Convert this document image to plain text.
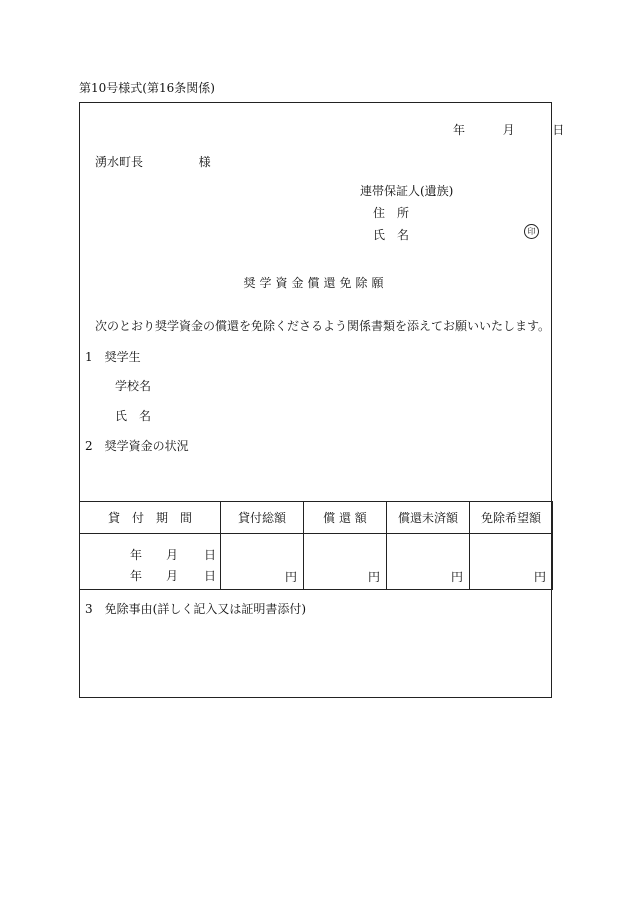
第10号様式(第16条関係)
年	月	日
湧水町長	様
連帯保証人(遺族)
住　所
氏　名	印
奨学資金償還免除願
次のとおり奨学資金の償還を免除くださるよう関係書類を添えてお願いいたします。
1　奨学生
学校名
氏　名
2　奨学資金の状況
貸　付　期　間	貸付総額	償 還 額	償還未済額	免除希望額

年 月 日
年 月 日	円	円	円	円
3　免除事由(詳しく記入又は証明書添付)
